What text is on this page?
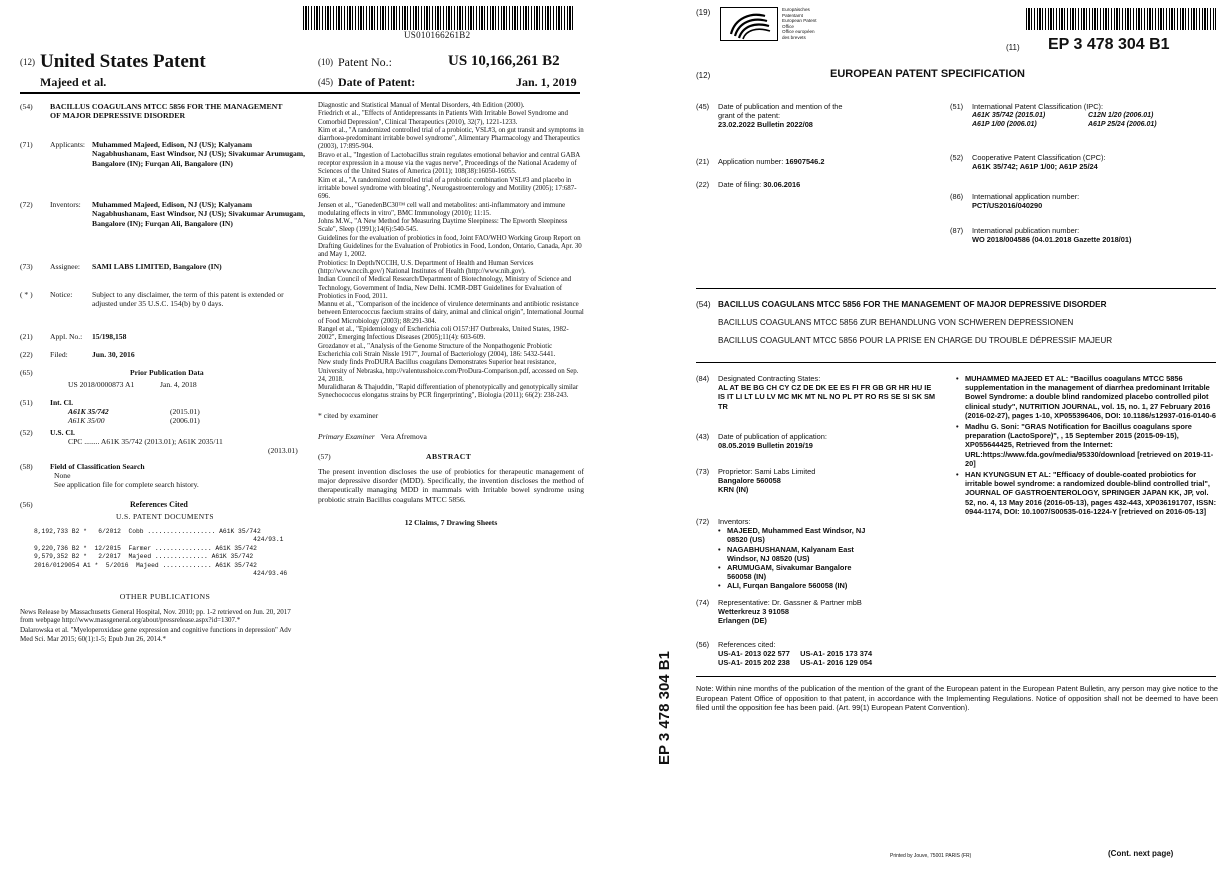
US010166261B2
(12) United States Patent
Majeed et al.
(10) Patent No.:	US 10,166,261 B2
(45) Date of Patent:	Jan. 1, 2019
(54)	BACILLUS COAGULANS MTCC 5856 FOR THE MANAGEMENT OF MAJOR DEPRESSIVE DISORDER
(71)	Applicants: Muhammed Majeed, Edison, NJ (US); Kalyanam Nagabhushanam, East Windsor, NJ (US); Sivakumar Arumugam, Bangalore (IN); Furqan Ali, Bangalore (IN)
(72)	Inventors: Muhammed Majeed, Edison, NJ (US); Kalyanam Nagabhushanam, East Windsor, NJ (US); Sivakumar Arumugam, Bangalore (IN); Furqan Ali, Bangalore (IN)
(73)	Assignee: SAMI LABS LIMITED, Bangalore (IN)
( * )	Notice:	Subject to any disclaimer, the term of this patent is extended or adjusted under 35 U.S.C. 154(b) by 0 days.
(21)	Appl. No.: 15/198,158
(22)	Filed:	Jun. 30, 2016
(65)	Prior Publication Data
US 2018/0000873 A1	Jan. 4, 2018
(51)	Int. Cl.
A61K 35/742	(2015.01)
A61K 35/00	(2006.01)
(52)	U.S. Cl.
CPC ........ A61K 35/742 (2013.01); A61K 2035/11
(2013.01)
(58)	Field of Classification Search
None
See application file for complete search history.
(56)	References Cited
U.S. PATENT DOCUMENTS
8,192,733 B2 *   6/2012  Cobb .................. A61K 35/742
424/93.1
9,220,736 B2 *  12/2015  Farmer ............... A61K 35/742
9,579,352 B2 *   2/2017  Majeed .............. A61K 35/742
2016/0129054 A1 *  5/2016  Majeed ............. A61K 35/742
424/93.46
OTHER PUBLICATIONS
News Release by Massachusetts General Hospital, Nov. 2010; pp. 1-2 retrieved on Jun. 20, 2017 from webpage http://www.massgeneral.org/about/pressrelease.aspx?id=1307.*
Dalarowska et al. "Myeloperoxidase gene expression and cognitive functions in depression" Adv Med Sci. Mar 2015; 60(1):1-5; Epub Jun 26, 2014.*
Diagnostic and Statistical Manual of Mental Disorders, 4th Edition (2000).
Friedrich et al., "Effects of Antidepressants in Patients With Irritable Bowel Syndrome and Comorbid Depression", Clinical Therapeutics (2010), 32(7), 1221-1233.
Kim et al., "A randomized controlled trial of a probiotic, VSL#3, on gut transit and symptoms in diarrhoea-predominant irritable bowel syndrome", Alimentary Pharmacology and Therapeutics (2003), 17:895-904.
Bravo et al., "Ingestion of Lactobacillus strain regulates emotional behavior and central GABA receptor expression in a mouse via the vagus nerve", Proceedings of the National Academy of Sciences of the United States of America (2011); 108(38):16050-16055.
Kim et al., "A randomized controlled trial of a probiotic combination VSL#3 and placebo in irritable bowel syndrome with bloating", Neurogastroenterology and Motility (2005); 17:687-696.
Jensen et al., "GanedenBC30™ cell wall and metabolites: anti-inflammatory and immune modulating effects in vitro", BMC Immunology (2010); 11:15.
Johns M.W., "A New Method for Measuring Daytime Sleepiness: The Epworth Sleepiness Scale", Sleep (1991);14(6):540-545.
Guidelines for the evaluation of probiotics in food, Joint FAO/WHO Working Group Report on Drafting Guidelines for the Evaluation of Probiotics in Food, London, Ontario, Canada, Apr. 30 and May 1, 2002.
Probiotics: In Depth/NCCIH, U.S. Department of Health and Human Services (http://www.nccih.gov/) National Institutes of Health (http://www.nih.gov).
Indian Council of Medical Research/Department of Biotechnology, Ministry of Science and Technology, Government of India, New Delhi. ICMR-DBT Guidelines for Evaluation of Probiotics in Food, 2011.
Mannu et al., "Comparison of the incidence of virulence determinants and antibiotic resistance between Enterococcus faecium strains of dairy, animal and clinical origin", International Journal of Food Microbiology (2003); 88:291-304.
Rangel et al., "Epidemiology of Escherichia coli O157:H7 Outbreaks, United States, 1982-2002", Emerging Infectious Diseases (2005);11(4): 603-609.
Grozdanov et al., "Analysis of the Genome Structure of the Nonpathogenic Probiotic Escherichia coli Strain Nissle 1917", Journal of Bacteriology (2004), 186: 5432-5441.
New study finds ProDURA Bacillus coagulans Demonstrates Superior heat resistance, University of Nebraska, http://valentusshoice.com/ProDura-Comparison.pdf, accessed on Sep. 24, 2018.
Muralidharan & Thajuddin, "Rapid differentiation of phenotypically and genotypically similar Synechococcus elongatus strains by PCR fingerprinting", Biologia (2011); 66(2): 238-243.
* cited by examiner
Primary Examiner Vera Afremova
(57)	ABSTRACT
The present invention discloses the use of probiotics for therapeutic management of major depressive disorder (MDD). Specifically, the invention discloses the method of therapeutically managing MDD in mammals with Irritable bowel syndrome using probiotic strain Bacillus coagulans MTCC 5856.
12 Claims, 7 Drawing Sheets
(19)	Europäisches Patentamt
European Patent Office
Office européen des brevets
(11) EP 3 478 304 B1
(12)	EUROPEAN PATENT SPECIFICATION
(45)	Date of publication and mention of the grant of the patent:
23.02.2022 Bulletin 2022/08
(21)	Application number: 16907546.2
(22)	Date of filing: 30.06.2016
(51)	International Patent Classification (IPC):
A61K 35/742 (2015.01)	C12N 1/20 (2006.01)
A61P 1/00 (2006.01)	A61P 25/24 (2006.01)
(52)	Cooperative Patent Classification (CPC):
A61K 35/742; A61P 1/00; A61P 25/24
(86)	International application number:
PCT/US2016/040290
(87)	International publication number:
WO 2018/004586 (04.01.2018 Gazette 2018/01)
(54) BACILLUS COAGULANS MTCC 5856 FOR THE MANAGEMENT OF MAJOR DEPRESSIVE DISORDER
BACILLUS COAGULANS MTCC 5856 ZUR BEHANDLUNG VON SCHWEREN DEPRESSIONEN
BACILLUS COAGULANT MTCC 5856 POUR LA PRISE EN CHARGE DU TROUBLE DÉPRESSIF MAJEUR
(84)	Designated Contracting States:
AL AT BE BG CH CY CZ DE DK EE ES FI FR GB GR HR HU IE IS IT LI LT LU LV MC MK MT NL NO PL PT RO RS SE SI SK SM TR
(43)	Date of publication of application:
08.05.2019 Bulletin 2019/19
(73)	Proprietor: Sami Labs Limited
Bangalore 560058 KRN (IN)
(72)	Inventors:
• MAJEED, Muhammed East Windsor, NJ 08520 (US)
• NAGABHUSHANAM, Kalyanam East Windsor, NJ 08520 (US)
• ARUMUGAM, Sivakumar Bangalore 560058 (IN)
• ALI, Furqan Bangalore 560058 (IN)
(74)	Representative: Dr. Gassner & Partner mbB
Wetterkreuz 3 91058 Erlangen (DE)
(56)	References cited:
US-A1- 2013 022 577     US-A1- 2015 173 374
US-A1- 2015 202 238     US-A1- 2016 129 054
• MUHAMMED MAJEED ET AL: "Bacillus coagulans MTCC 5856 supplementation in the management of diarrhea predominant Irritable Bowel Syndrome: a double blind randomized placebo controlled pilot clinical study", NUTRITION JOURNAL, vol. 15, no. 1, 27 February 2016 (2016-02-27), pages 1-10, XP055396406, DOI: 10.1186/s12937-016-0140-6
• Madhu G. Soni: "GRAS Notification for Bacillus coagulans spore preparation (LactoSpore)", , 15 September 2015 (2015-09-15), XP055644425, Retrieved from the Internet: URL:https://www.fda.gov/media/95330/download [retrieved on 2019-11-20]
• HAN KYUNGSUN ET AL: "Efficacy of double-coated probiotics for irritable bowel syndrome: a randomized double-blind controlled trial", JOURNAL OF GASTROENTEROLOGY, SPRINGER JAPAN KK, JP, vol. 52, no. 4, 13 May 2016 (2016-05-13), pages 432-443, XP036191707, ISSN: 0944-1174, DOI: 10.1007/S00535-016-1224-Y [retrieved on 2016-05-13]
EP 3 478 304 B1	Note: Within nine months of the publication of the mention of the grant of the European patent in the European Patent Bulletin, any person may give notice to the European Patent Office of opposition to that patent, in accordance with the Implementing Regulations. Notice of opposition shall not be deemed to have been filed until the opposition fee has been paid. (Art. 99(1) European Patent Convention).
Printed by Jouve, 75001 PARIS (FR)	(Cont. next page)
